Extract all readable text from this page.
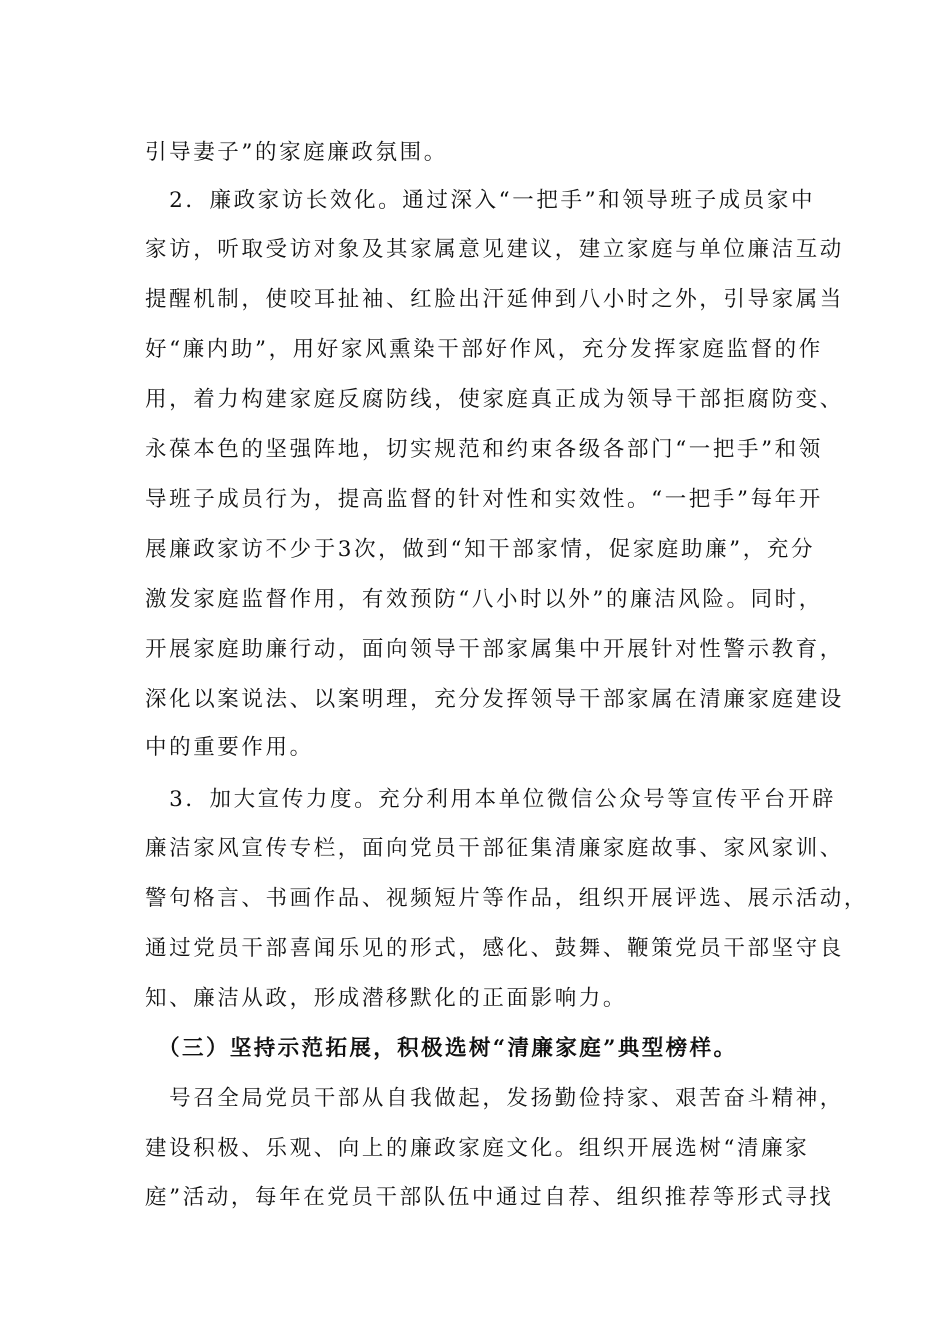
引导妻子”的家庭廉政氛围。
　2．廉政家访长效化。通过深入“一把手”和领导班子成员家中
家访，听取受访对象及其家属意见建议，建立家庭与单位廉洁互动
提醒机制，使咬耳扯袖、红脸出汗延伸到八小时之外，引导家属当
好“廉内助”，用好家风熏染干部好作风，充分发挥家庭监督的作
用，着力构建家庭反腐防线，使家庭真正成为领导干部拒腐防变、
永葆本色的坚强阵地，切实规范和约束各级各部门“一把手”和领
导班子成员行为，提高监督的针对性和实效性。“一把手”每年开
展廉政家访不少于3次，做到“知干部家情，促家庭助廉”，充分
激发家庭监督作用，有效预防“八小时以外”的廉洁风险。同时，
开展家庭助廉行动，面向领导干部家属集中开展针对性警示教育，
深化以案说法、以案明理，充分发挥领导干部家属在清廉家庭建设
中的重要作用。
　3．加大宣传力度。充分利用本单位微信公众号等宣传平台开辟
廉洁家风宣传专栏，面向党员干部征集清廉家庭故事、家风家训、
警句格言、书画作品、视频短片等作品，组织开展评选、展示活动，
通过党员干部喜闻乐见的形式，感化、鼓舞、鞭策党员干部坚守良
知、廉洁从政，形成潜移默化的正面影响力。
　（三）坚持示范拓展，积极选树“清廉家庭”典型榜样。
　号召全局党员干部从自我做起，发扬勤俭持家、艰苦奋斗精神，
建设积极、乐观、向上的廉政家庭文化。组织开展选树“清廉家
庭”活动，每年在党员干部队伍中通过自荐、组织推荐等形式寻找
